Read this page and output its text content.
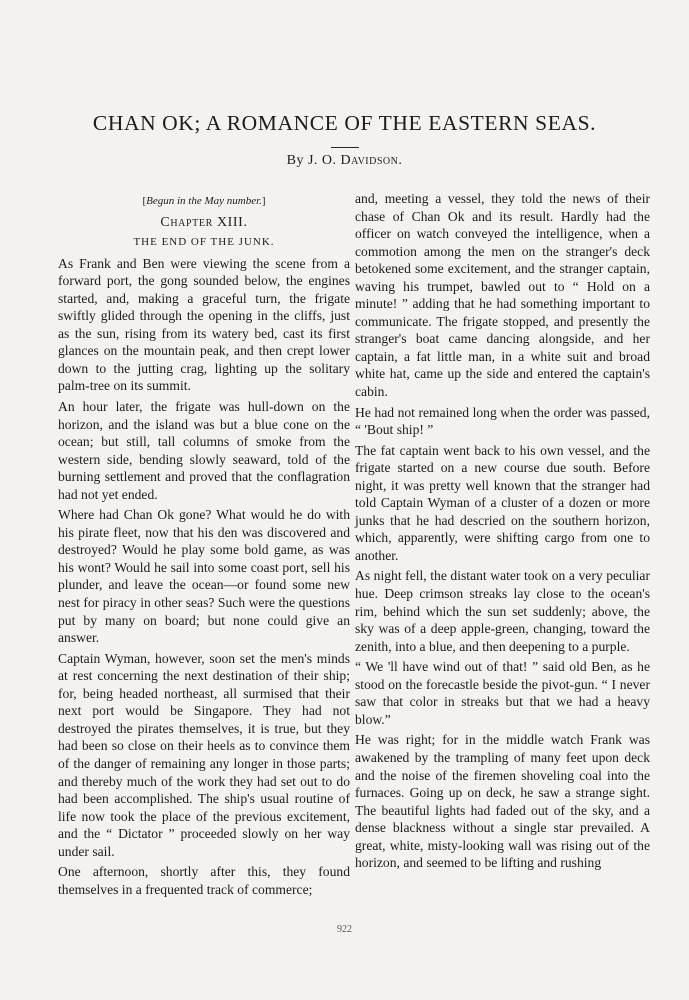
CHAN OK; A ROMANCE OF THE EASTERN SEAS.

By J. O. Davidson.

[Begun in the May number.]

Chapter XIII.

THE END OF THE JUNK.

As Frank and Ben were viewing the scene from a forward port, the gong sounded below, the engines started, and, making a graceful turn, the frigate swiftly glided through the opening in the cliffs, just as the sun, rising from its watery bed, cast its first glances on the mountain peak, and then crept lower down to the jutting crag, lighting up the solitary palm-tree on its summit.

An hour later, the frigate was hull-down on the horizon, and the island was but a blue cone on the ocean; but still, tall columns of smoke from the western side, bending slowly seaward, told of the burning settlement and proved that the conflagration had not yet ended.

Where had Chan Ok gone? What would he do with his pirate fleet, now that his den was discovered and destroyed? Would he play some bold game, as was his wont? Would he sail into some coast port, sell his plunder, and leave the ocean—or found some new nest for piracy in other seas? Such were the questions put by many on board; but none could give an answer.

Captain Wyman, however, soon set the men's minds at rest concerning the next destination of their ship; for, being headed northeast, all surmised that their next port would be Singapore. They had not destroyed the pirates themselves, it is true, but they had been so close on their heels as to convince them of the danger of remaining any longer in those parts; and thereby much of the work they had set out to do had been accomplished. The ship's usual routine of life now took the place of the previous excitement, and the “ Dictator ” proceeded slowly on her way under sail.

One afternoon, shortly after this, they found themselves in a frequented track of commerce;

and, meeting a vessel, they told the news of their chase of Chan Ok and its result. Hardly had the officer on watch conveyed the intelligence, when a commotion among the men on the stranger's deck betokened some excitement, and the stranger captain, waving his trumpet, bawled out to “ Hold on a minute! ” adding that he had something important to communicate. The frigate stopped, and presently the stranger's boat came dancing alongside, and her captain, a fat little man, in a white suit and broad white hat, came up the side and entered the captain's cabin.

He had not remained long when the order was passed, “ 'Bout ship! ”

The fat captain went back to his own vessel, and the frigate started on a new course due south. Before night, it was pretty well known that the stranger had told Captain Wyman of a cluster of a dozen or more junks that he had descried on the southern horizon, which, apparently, were shifting cargo from one to another.

As night fell, the distant water took on a very peculiar hue. Deep crimson streaks lay close to the ocean's rim, behind which the sun set suddenly; above, the sky was of a deep apple-green, changing, toward the zenith, into a blue, and then deepening to a purple.

“ We 'll have wind out of that! ” said old Ben, as he stood on the forecastle beside the pivot-gun. “ I never saw that color in streaks but that we had a heavy blow.”

He was right; for in the middle watch Frank was awakened by the trampling of many feet upon deck and the noise of the firemen shoveling coal into the furnaces. Going up on deck, he saw a strange sight. The beautiful lights had faded out of the sky, and a dense blackness without a single star prevailed. A great, white, misty-looking wall was rising out of the horizon, and seemed to be lifting and rushing

922
